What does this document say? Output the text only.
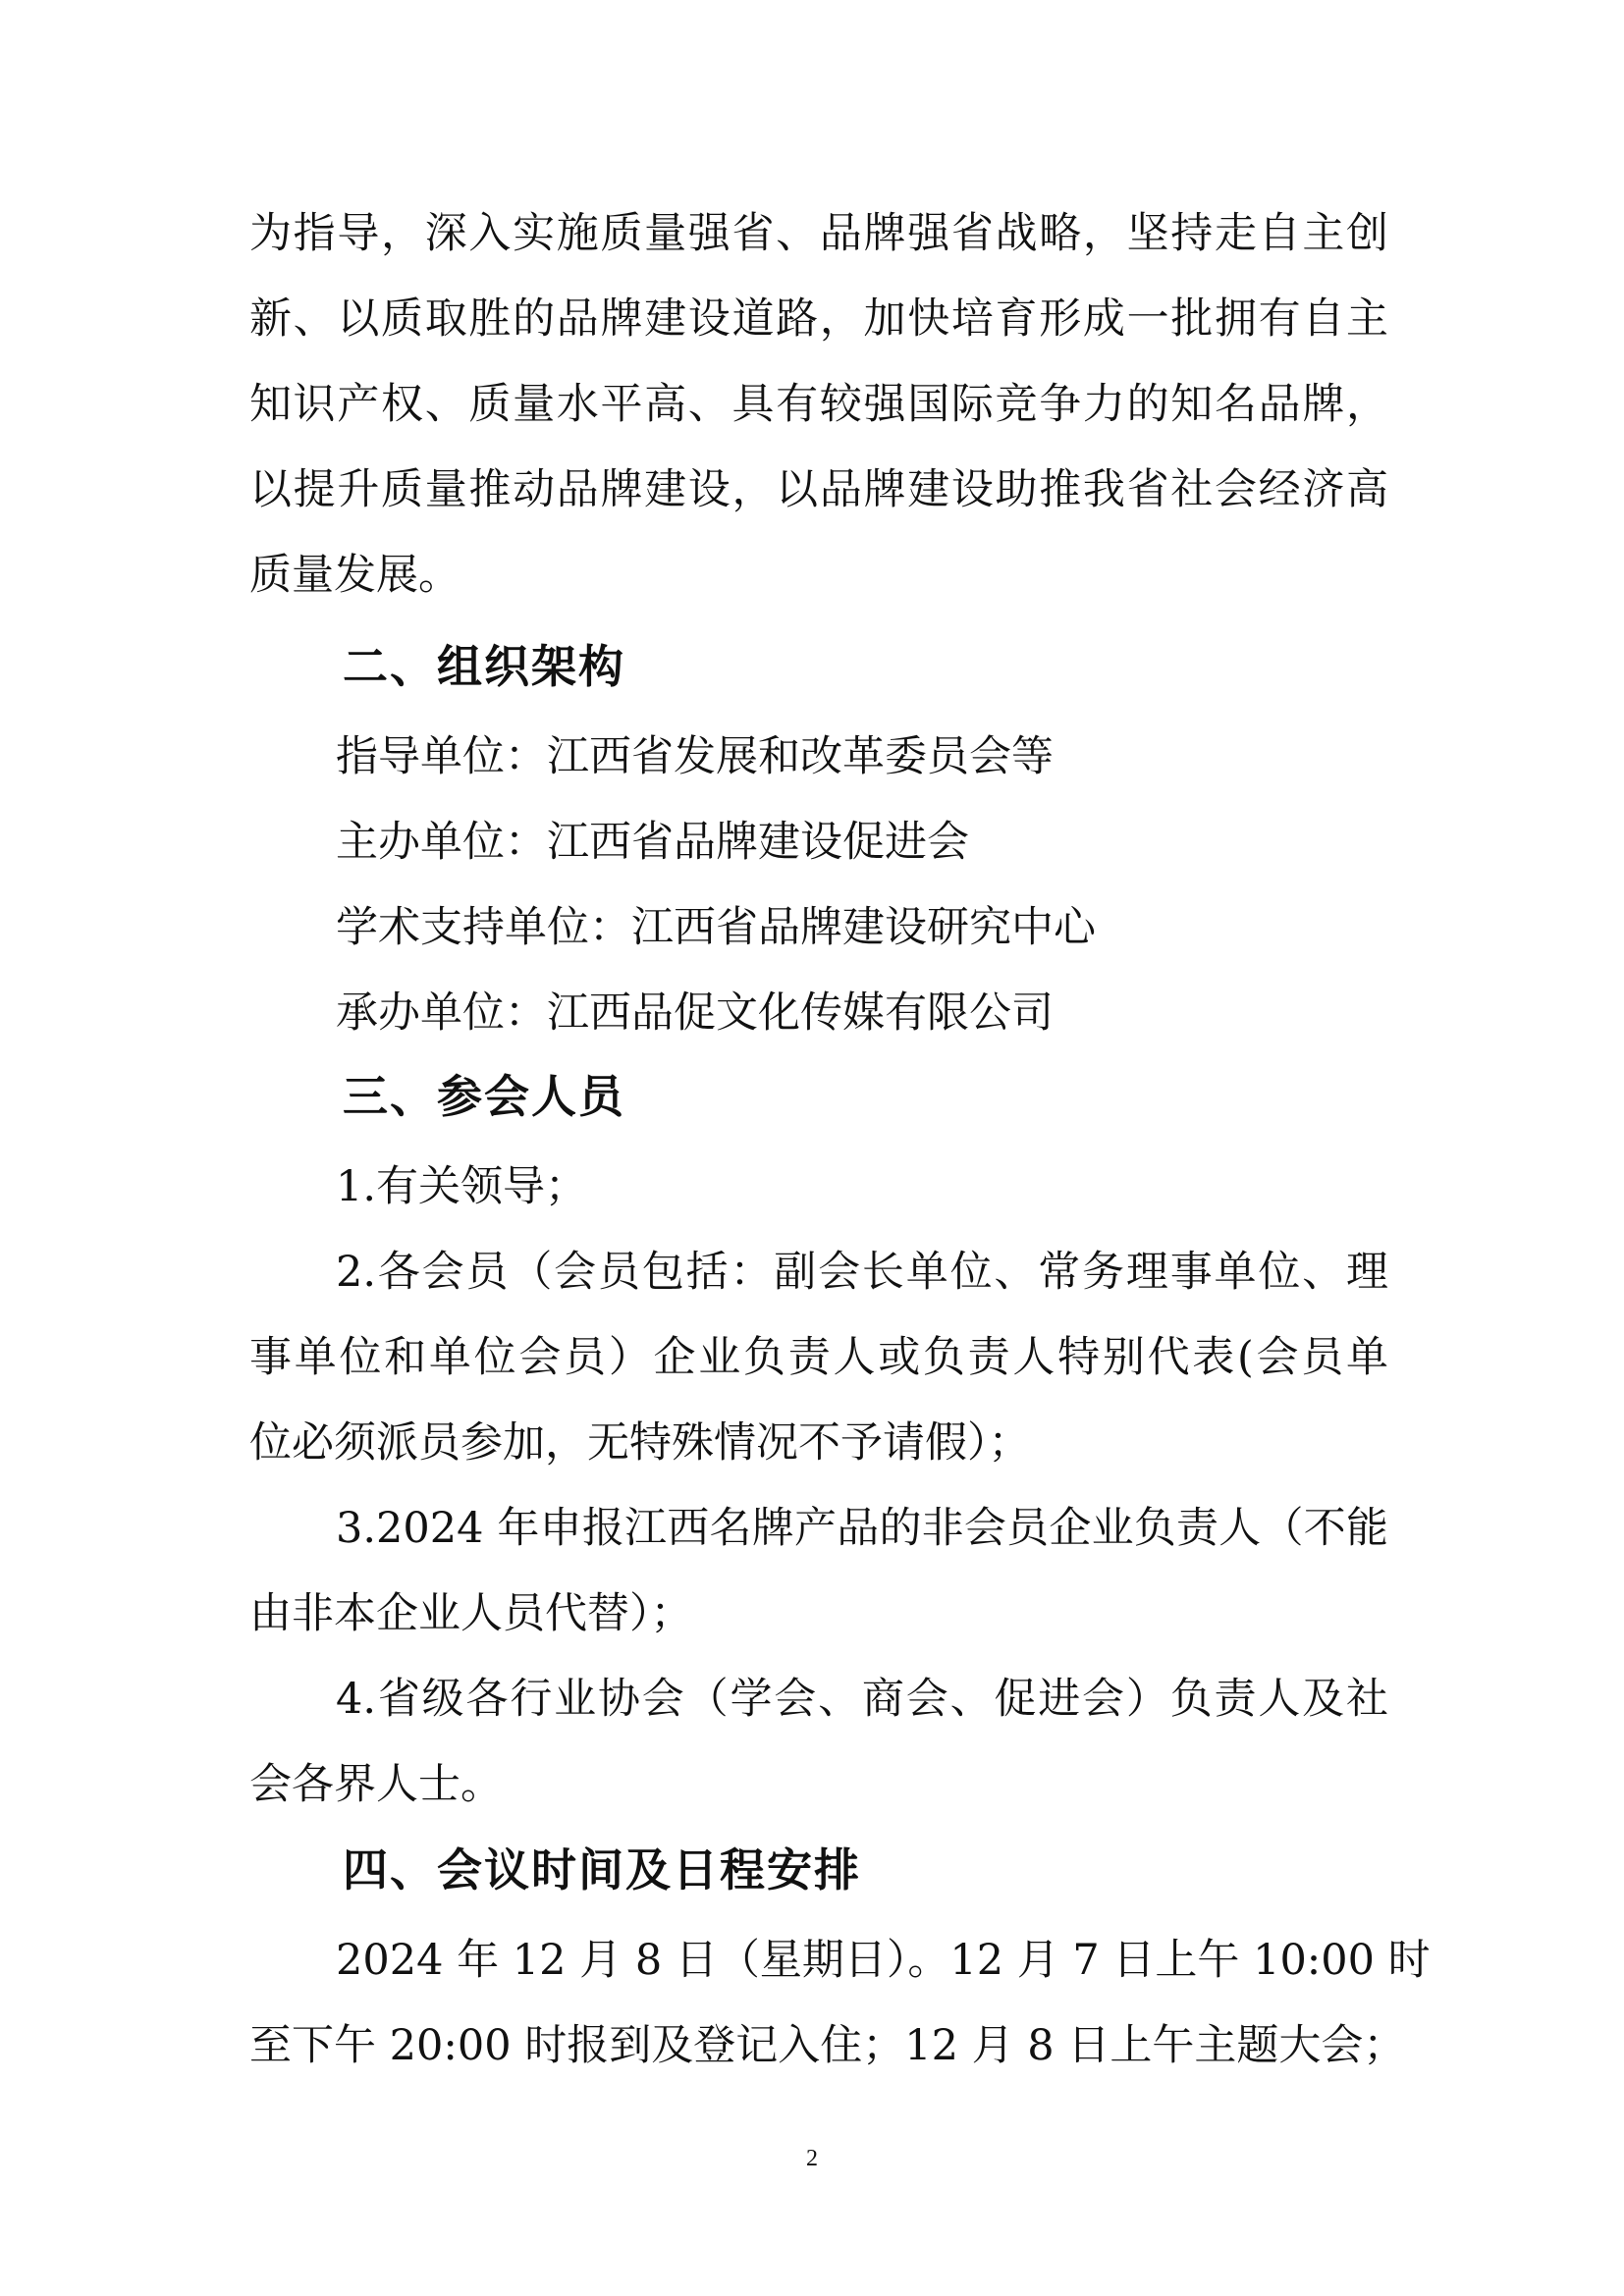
为指导，深入实施质量强省、品牌强省战略，坚持走自主创
新、以质取胜的品牌建设道路，加快培育形成一批拥有自主
知识产权、质量水平高、具有较强国际竞争力的知名品牌，
以提升质量推动品牌建设，以品牌建设助推我省社会经济高
质量发展。
二、组织架构
指导单位：江西省发展和改革委员会等
主办单位：江西省品牌建设促进会
学术支持单位：江西省品牌建设研究中心
承办单位：江西品促文化传媒有限公司
三、参会人员
1.有关领导；
2.各会员（会员包括：副会长单位、常务理事单位、理
事单位和单位会员）企业负责人或负责人特别代表(会员单
位必须派员参加，无特殊情况不予请假）；
3.2024 年申报江西名牌产品的非会员企业负责人（不能
由非本企业人员代替）；
4.省级各行业协会（学会、商会、促进会）负责人及社
会各界人士。
四、会议时间及日程安排
2024 年 12 月 8 日（星期日）。12 月 7 日上午 10:00 时
至下午 20:00 时报到及登记入住；12 月 8 日上午主题大会；
2
